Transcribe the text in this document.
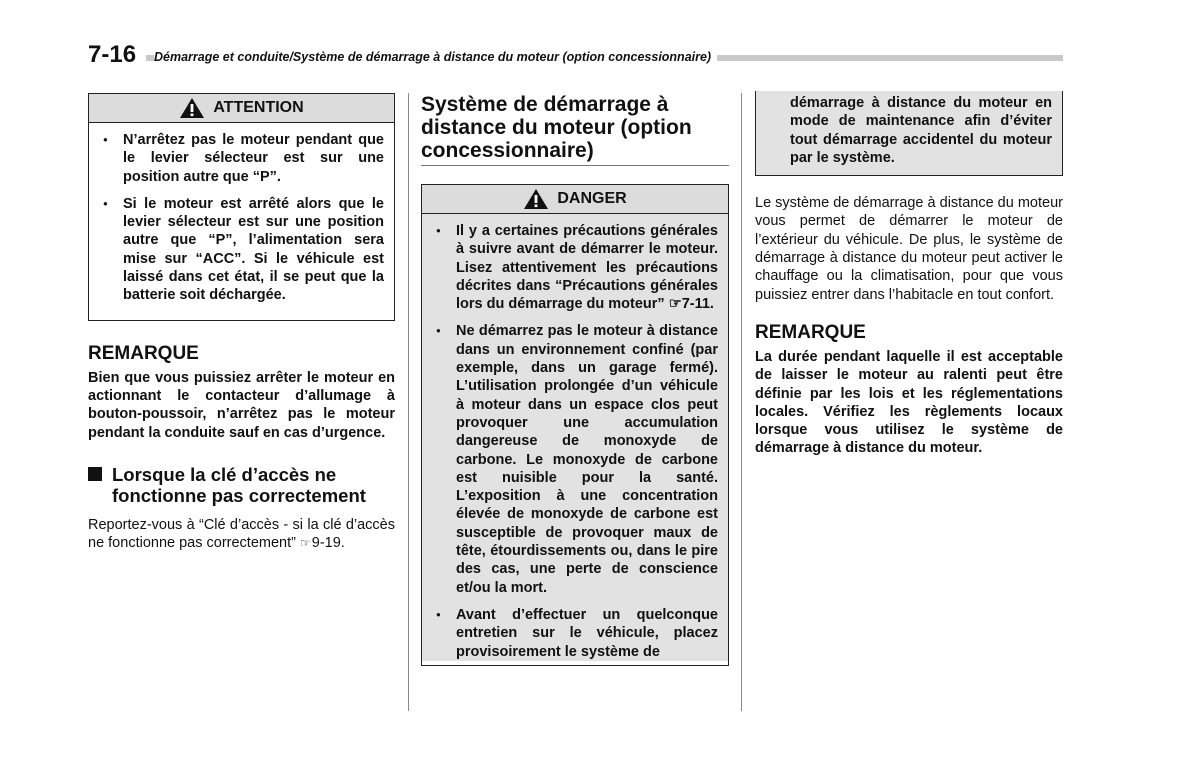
7-16 Démarrage et conduite/Système de démarrage à distance du moteur (option concessionnaire)
ATTENTION
● N’arrêtez pas le moteur pendant que le levier sélecteur est sur une position autre que “P”.
● Si le moteur est arrêté alors que le levier sélecteur est sur une position autre que “P”, l’alimentation sera mise sur “ACC”. Si le véhicule est laissé dans cet état, il se peut que la batterie soit déchargée.
REMARQUE

Bien que vous puissiez arrêter le moteur en actionnant le contacteur d’allumage à bouton-poussoir, n’arrêtez pas le moteur pendant la conduite sauf en cas d’urgence.

Lorsque la clé d’accès ne fonctionne pas correctement

Reportez-vous à “Clé d’accès - si la clé d’accès ne fonctionne pas correctement” ☞9-19.

Système de démarrage à distance du moteur (option concessionnaire)
DANGER
● Il y a certaines précautions générales à suivre avant de démarrer le moteur. Lisez attentivement les précautions décrites dans “Précautions générales lors du démarrage du moteur” ☞7-11.
● Ne démarrez pas le moteur à distance dans un environnement confiné (par exemple, dans un garage fermé). L’utilisation prolongée d’un véhicule à moteur dans un espace clos peut provoquer une accumulation dangereuse de monoxyde de carbone. Le monoxyde de carbone est nuisible pour la santé. L’exposition à une concentration élevée de monoxyde de carbone est susceptible de provoquer maux de tête, étourdissements ou, dans le pire des cas, une perte de conscience et/ou la mort.
● Avant d’effectuer un quelconque entretien sur le véhicule, placez provisoirement le système de

démarrage à distance du moteur en mode de maintenance afin d’éviter tout démarrage accidentel du moteur par le système.

Le système de démarrage à distance du moteur vous permet de démarrer le moteur de l’extérieur du véhicule. De plus, le système de démarrage à distance du moteur peut activer le chauffage ou la climatisation, pour que vous puissiez entrer dans l’habitacle en tout confort.

REMARQUE

La durée pendant laquelle il est acceptable de laisser le moteur au ralenti peut être définie par les lois et les réglementations locales. Vérifiez les règlements locaux lorsque vous utilisez le système de démarrage à distance du moteur.
